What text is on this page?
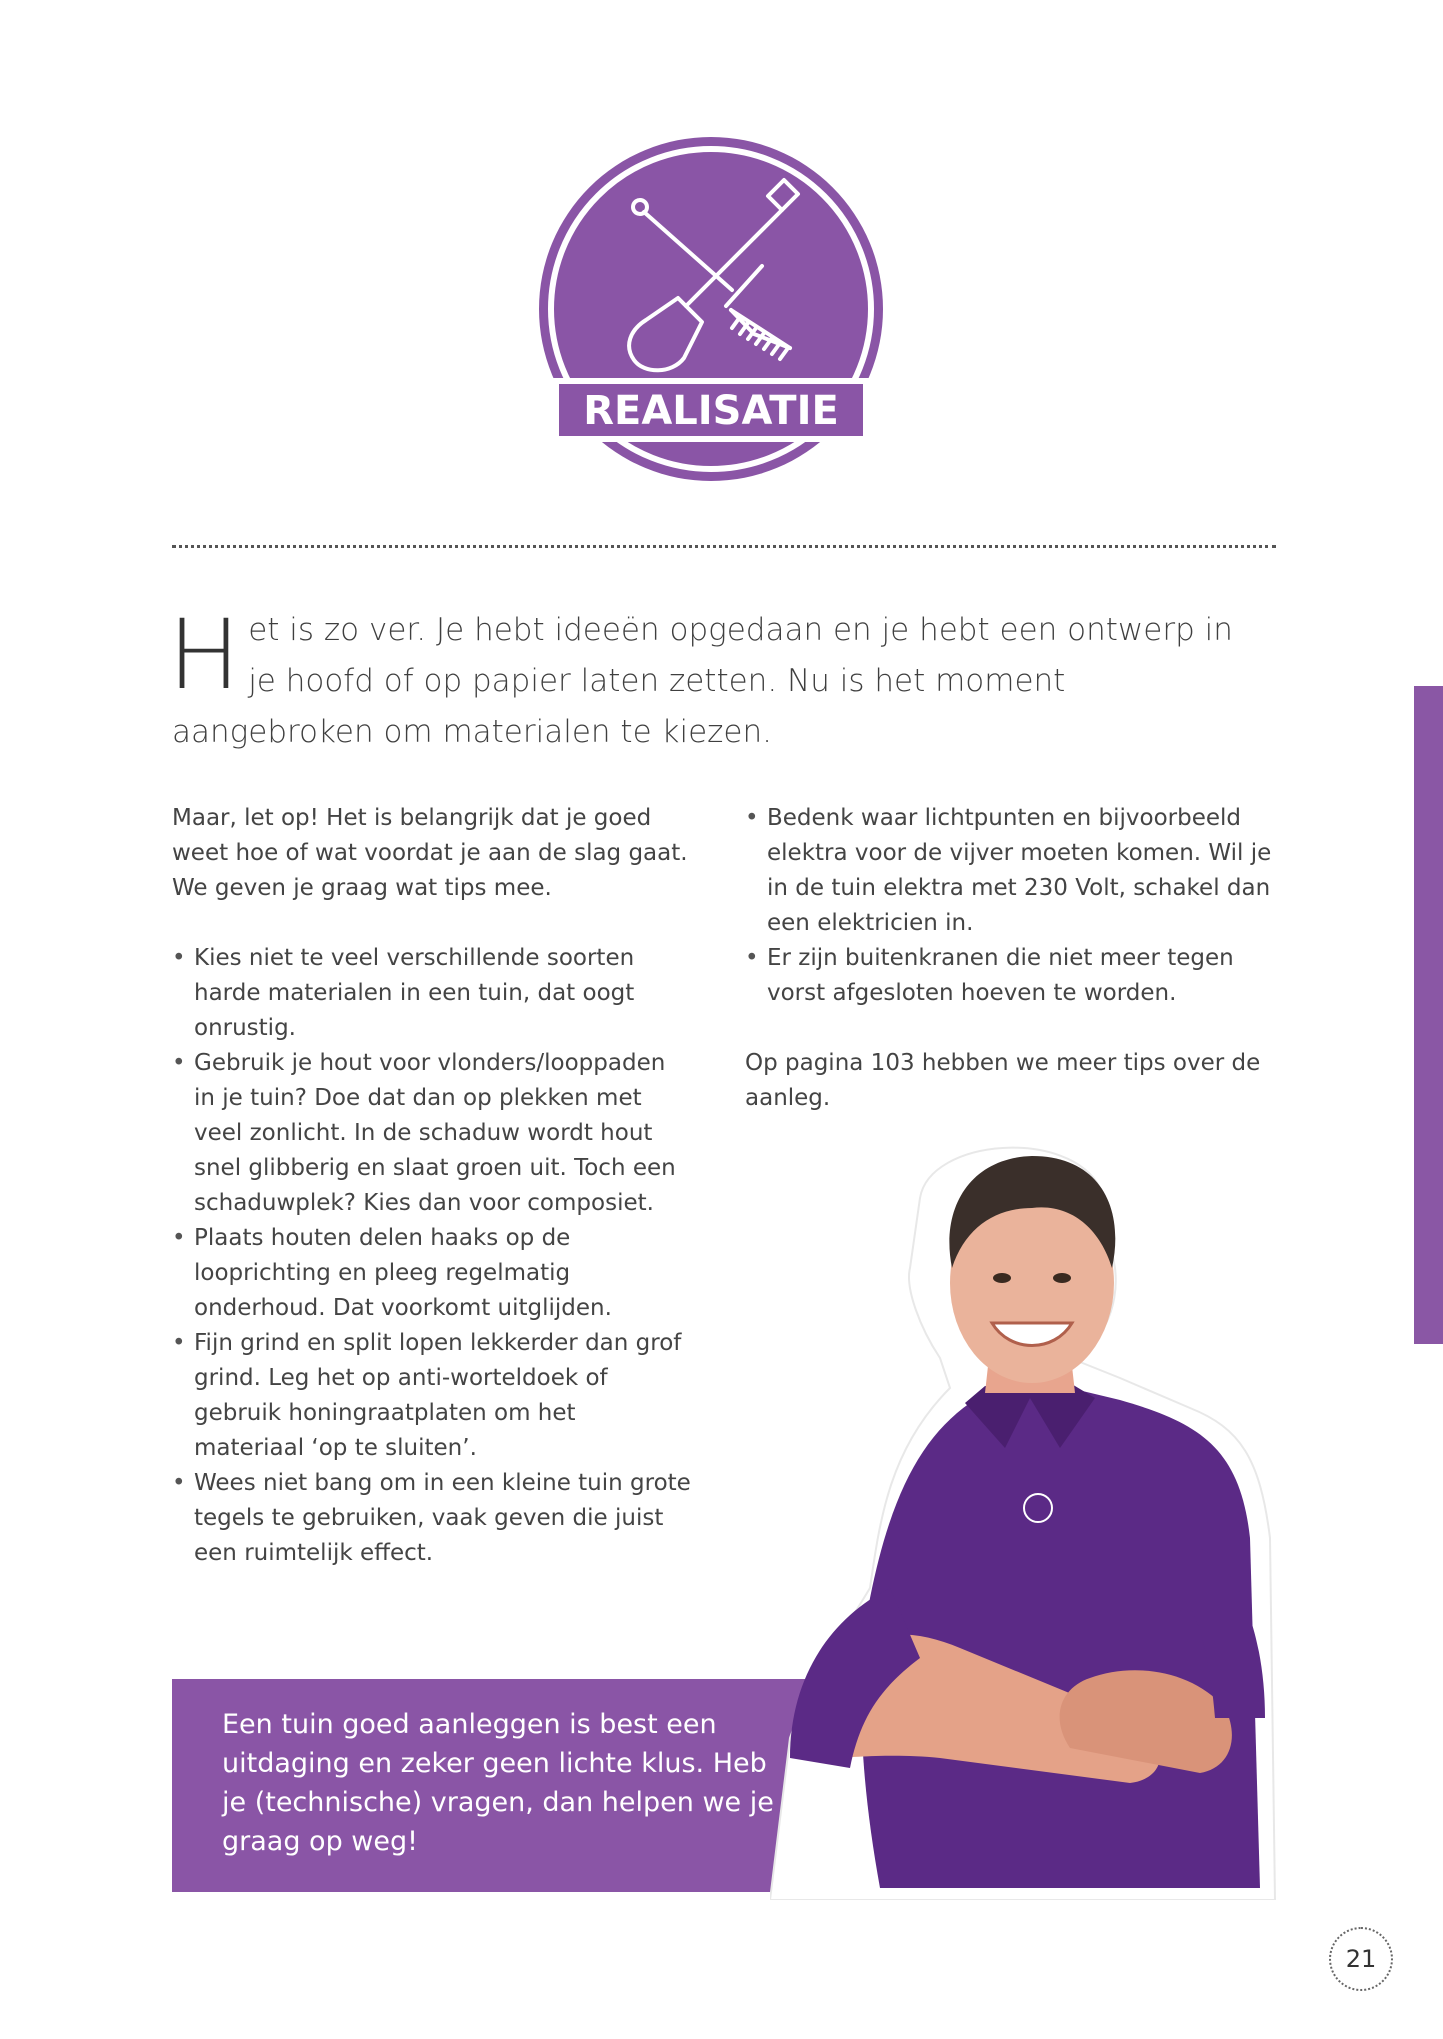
REALISATIE
H et is zo ver. Je hebt ideeën opgedaan en je hebt een ontwerp in je hoofd of op papier laten zetten. Nu is het moment aangebroken om materialen te kiezen.

Maar, let op! Het is belangrijk dat je goed weet hoe of wat voordat je aan de slag gaat. We geven je graag wat tips mee.

• Kies niet te veel verschillende soorten harde materialen in een tuin, dat oogt onrustig.
• Gebruik je hout voor vlonders/looppaden in je tuin? Doe dat dan op plekken met veel zonlicht. In de schaduw wordt hout snel glibberig en slaat groen uit. Toch een schaduwplek? Kies dan voor composiet.
• Plaats houten delen haaks op de looprichting en pleeg regelmatig onderhoud. Dat voorkomt uitglijden.
• Fijn grind en split lopen lekkerder dan grof grind. Leg het op anti-worteldoek of gebruik honingraatplaten om het materiaal ‘op te sluiten’.
• Wees niet bang om in een kleine tuin grote tegels te gebruiken, vaak geven die juist een ruimtelijk effect.
• Bedenk waar lichtpunten en bijvoorbeeld elektra voor de vijver moeten komen. Wil je in de tuin elektra met 230 Volt, schakel dan een elektricien in.
• Er zijn buitenkranen die niet meer tegen vorst afgesloten hoeven te worden.

Op pagina 103 hebben we meer tips over de aanleg.

Een tuin goed aanleggen is best een uitdaging en zeker geen lichte klus. Heb je (technische) vragen, dan helpen we je graag op weg!
21
